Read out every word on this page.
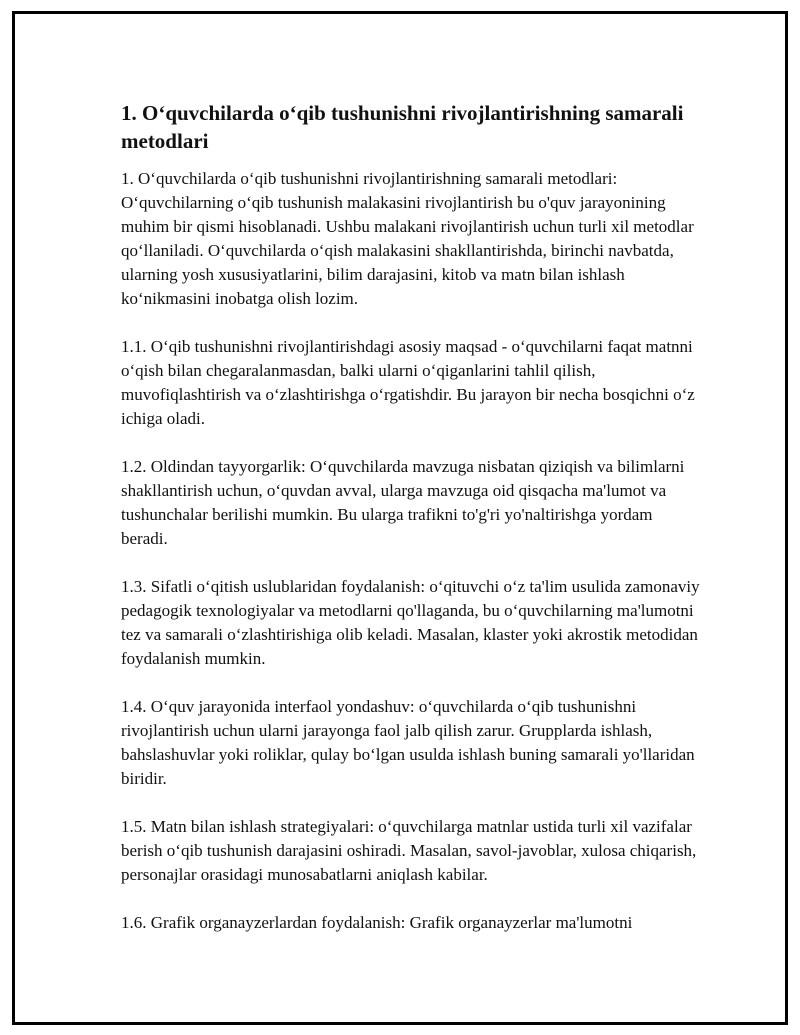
1. O‘quvchilarda o‘qib tushunishni rivojlantirishning samarali metodlari

1. O‘quvchilarda o‘qib tushunishni rivojlantirishning samarali metodlari: O‘quvchilarning o‘qib tushunish malakasini rivojlantirish bu o'quv jarayonining muhim bir qismi hisoblanadi. Ushbu malakani rivojlantirish uchun turli xil metodlar qo‘llaniladi. O‘quvchilarda o‘qish malakasini shakllantirishda, birinchi navbatda, ularning yosh xususiyatlarini, bilim darajasini, kitob va matn bilan ishlash ko‘nikmasini inobatga olish lozim.

1.1. O‘qib tushunishni rivojlantirishdagi asosiy maqsad - o‘quvchilarni faqat matnni o‘qish bilan chegaralanmasdan, balki ularni o‘qiganlarini tahlil qilish, muvofiqlashtirish va o‘zlashtirishga o‘rgatishdir. Bu jarayon bir necha bosqichni o‘z ichiga oladi.

1.2. Oldindan tayyorgarlik: O‘quvchilarda mavzuga nisbatan qiziqish va bilimlarni shakllantirish uchun, o‘quvdan avval, ularga mavzuga oid qisqacha ma'lumot va tushunchalar berilishi mumkin. Bu ularga trafikni to'g'ri yo'naltirishga yordam beradi.

1.3. Sifatli o‘qitish uslublaridan foydalanish: o‘qituvchi o‘z ta'lim usulida zamonaviy pedagogik texnologiyalar va metodlarni qo'llaganda, bu o‘quvchilarning ma'lumotni tez va samarali o‘zlashtirishiga olib keladi. Masalan, klaster yoki akrostik metodidan foydalanish mumkin.

1.4. O‘quv jarayonida interfaol yondashuv: o‘quvchilarda o‘qib tushunishni rivojlantirish uchun ularni jarayonga faol jalb qilish zarur. Grupplarda ishlash, bahslashuvlar yoki roliklar, qulay bo‘lgan usulda ishlash buning samarali yo'llaridan biridir.

1.5. Matn bilan ishlash strategiyalari: o‘quvchilarga matnlar ustida turli xil vazifalar berish o‘qib tushunish darajasini oshiradi. Masalan, savol-javoblar, xulosa chiqarish, personajlar orasidagi munosabatlarni aniqlash kabilar.

1.6. Grafik organayzerlardan foydalanish: Grafik organayzerlar ma'lumotni
